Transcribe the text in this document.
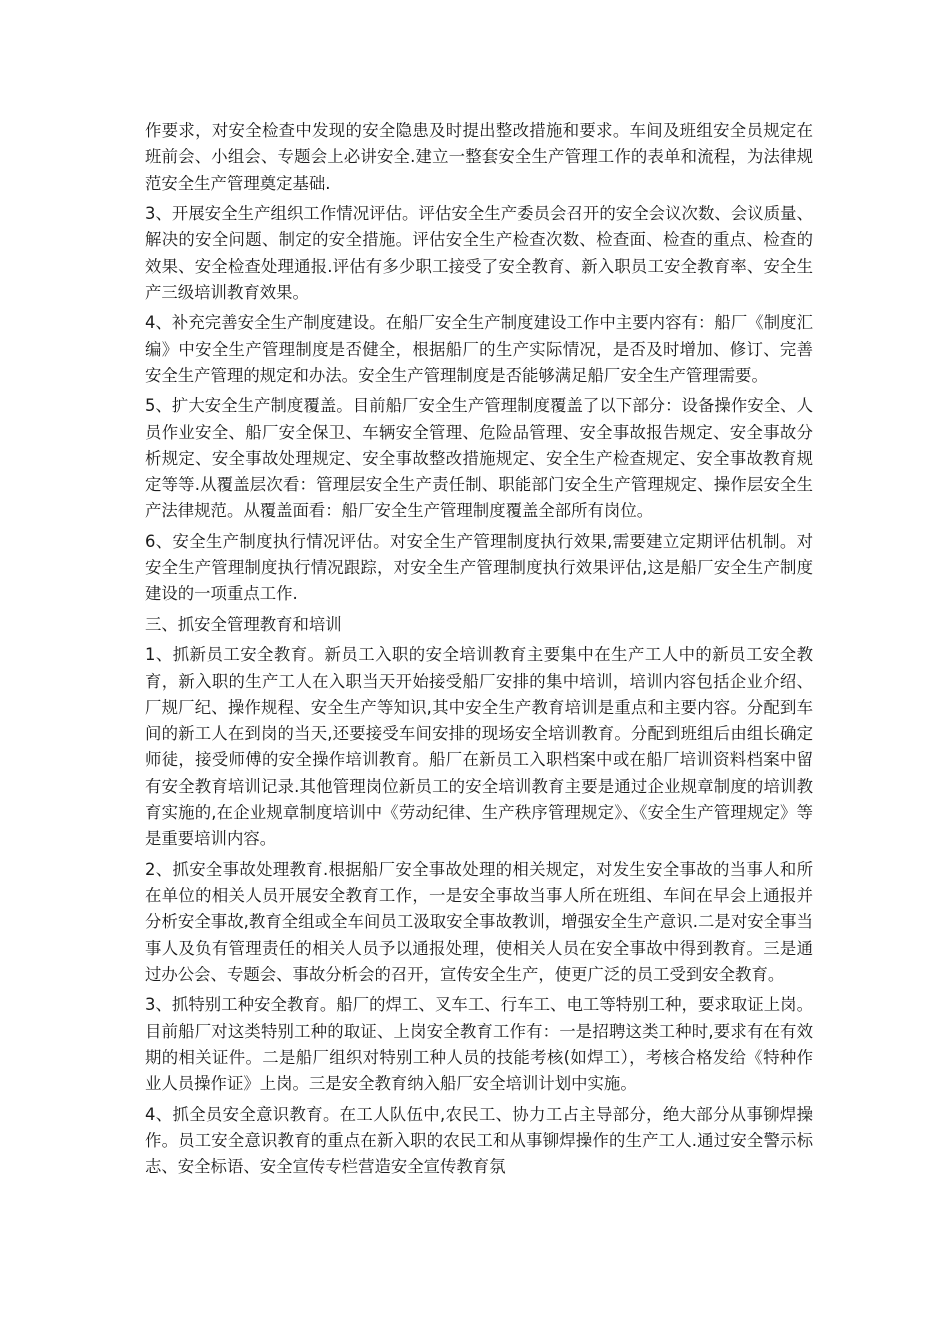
作要求，对安全检查中发现的安全隐患及时提出整改措施和要求。车间及班组安全员规定在班前会、小组会、专题会上必讲安全.建立一整套安全生产管理工作的表单和流程，为法律规范安全生产管理奠定基础.

3、开展安全生产组织工作情况评估。评估安全生产委员会召开的安全会议次数、会议质量、解决的安全问题、制定的安全措施。评估安全生产检查次数、检查面、检查的重点、检查的效果、安全检查处理通报.评估有多少职工接受了安全教育、新入职员工安全教育率、安全生产三级培训教育效果。

4、补充完善安全生产制度建设。在船厂安全生产制度建设工作中主要内容有：船厂《制度汇编》中安全生产管理制度是否健全，根据船厂的生产实际情况，是否及时增加、修订、完善安全生产管理的规定和办法。安全生产管理制度是否能够满足船厂安全生产管理需要。

5、扩大安全生产制度覆盖。目前船厂安全生产管理制度覆盖了以下部分：设备操作安全、人员作业安全、船厂安全保卫、车辆安全管理、危险品管理、安全事故报告规定、安全事故分析规定、安全事故处理规定、安全事故整改措施规定、安全生产检查规定、安全事故教育规定等等.从覆盖层次看：管理层安全生产责任制、职能部门安全生产管理规定、操作层安全生产法律规范。从覆盖面看：船厂安全生产管理制度覆盖全部所有岗位。

6、安全生产制度执行情况评估。对安全生产管理制度执行效果,需要建立定期评估机制。对安全生产管理制度执行情况跟踪，对安全生产管理制度执行效果评估,这是船厂安全生产制度建设的一项重点工作.

三、抓安全管理教育和培训

1、抓新员工安全教育。新员工入职的安全培训教育主要集中在生产工人中的新员工安全教育，新入职的生产工人在入职当天开始接受船厂安排的集中培训，培训内容包括企业介绍、厂规厂纪、操作规程、安全生产等知识,其中安全生产教育培训是重点和主要内容。分配到车间的新工人在到岗的当天,还要接受车间安排的现场安全培训教育。分配到班组后由组长确定师徒，接受师傅的安全操作培训教育。船厂在新员工入职档案中或在船厂培训资料档案中留有安全教育培训记录.其他管理岗位新员工的安全培训教育主要是通过企业规章制度的培训教育实施的,在企业规章制度培训中《劳动纪律、生产秩序管理规定》、《安全生产管理规定》等是重要培训内容。

2、抓安全事故处理教育.根据船厂安全事故处理的相关规定，对发生安全事故的当事人和所在单位的相关人员开展安全教育工作，一是安全事故当事人所在班组、车间在早会上通报并分析安全事故,教育全组或全车间员工汲取安全事故教训，增强安全生产意识.二是对安全事当事人及负有管理责任的相关人员予以通报处理，使相关人员在安全事故中得到教育。三是通过办公会、专题会、事故分析会的召开，宣传安全生产，使更广泛的员工受到安全教育。

3、抓特别工种安全教育。船厂的焊工、叉车工、行车工、电工等特别工种，要求取证上岗。目前船厂对这类特别工种的取证、上岗安全教育工作有：一是招聘这类工种时,要求有在有效期的相关证件。二是船厂组织对特别工种人员的技能考核(如焊工），考核合格发给《特种作业人员操作证》上岗。三是安全教育纳入船厂安全培训计划中实施。

4、抓全员安全意识教育。在工人队伍中,农民工、协力工占主导部分，绝大部分从事铆焊操作。员工安全意识教育的重点在新入职的农民工和从事铆焊操作的生产工人.通过安全警示标志、安全标语、安全宣传专栏营造安全宣传教育氛
